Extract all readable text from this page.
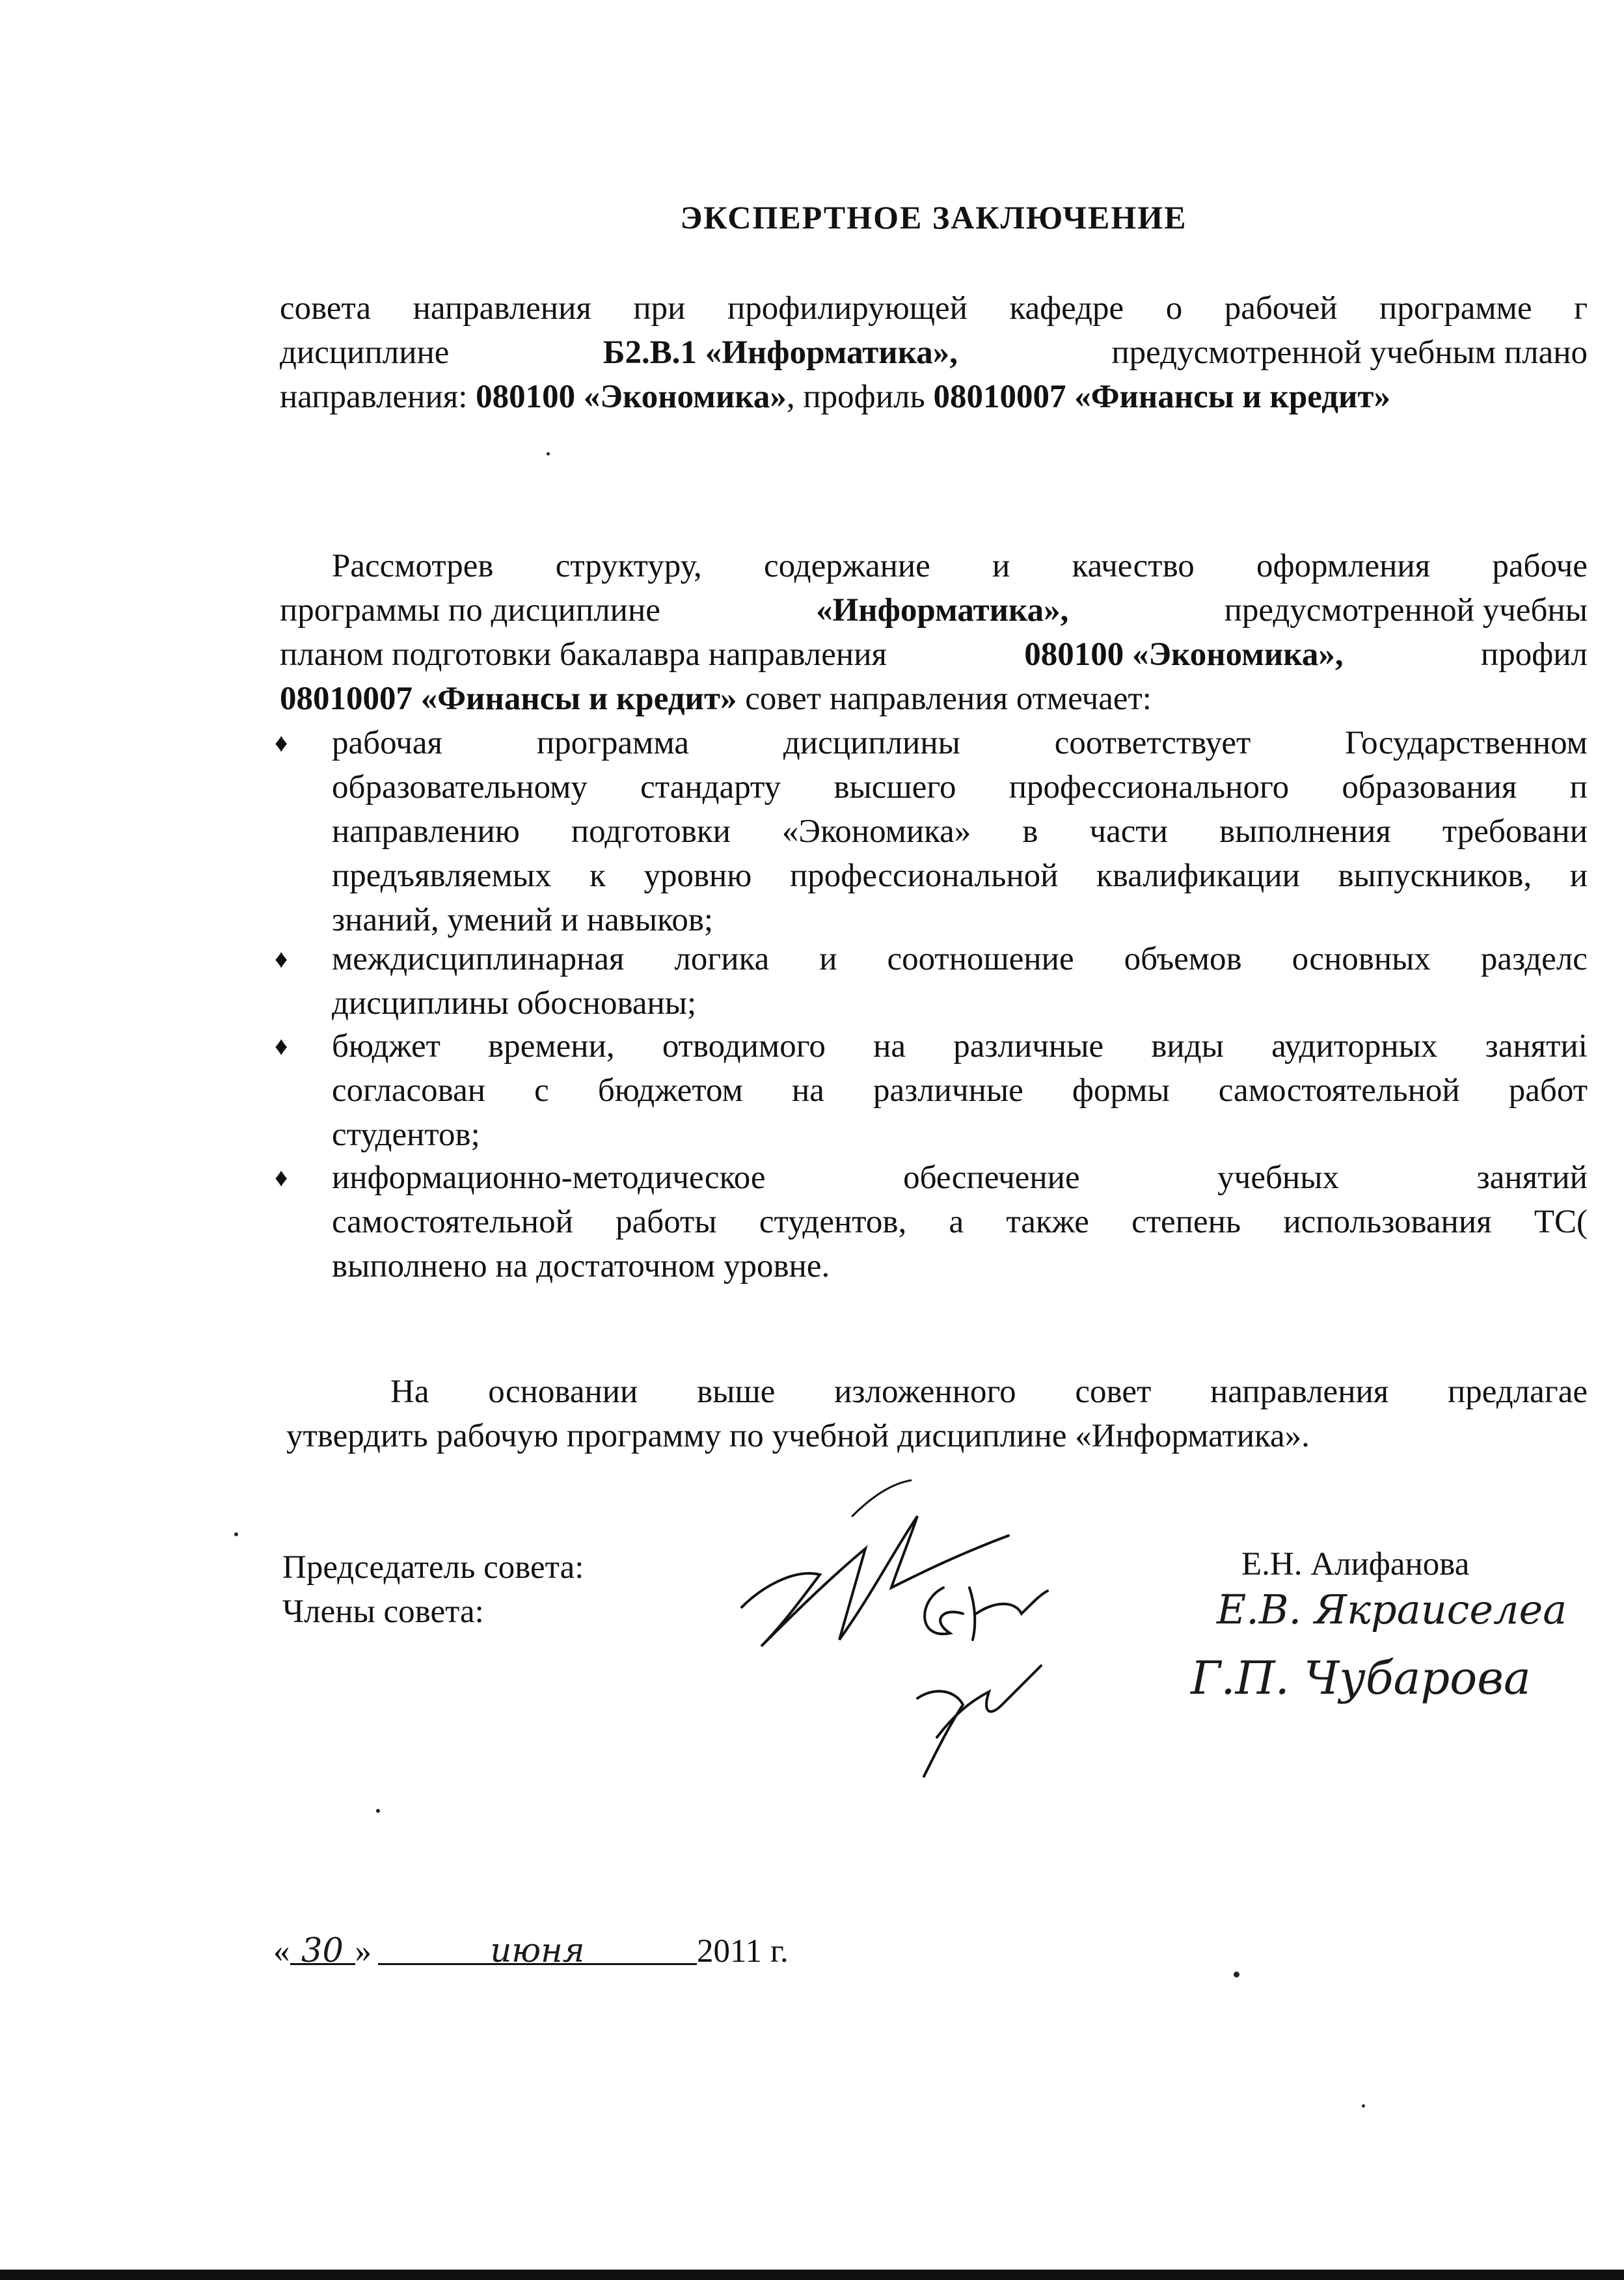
ЭКСПЕРТНОЕ ЗАКЛЮЧЕНИЕ
совета направления при профилирующей кафедре о рабочей программе г
дисциплине	Б2.В.1 «Информатика»,	предусмотренной учебным плано
направления: 080100 «Экономика», профиль 08010007 «Финансы и кредит»
Рассмотрев структуру, содержание и качество оформления рабоче
программы по дисциплине	«Информатика»,	предусмотренной учебны
планом подготовки бакалавра направления	080100 «Экономика»,	профил
08010007 «Финансы и кредит» совет направления отмечает:
♦ рабочая	программа	дисциплины	соответствует	Государственном
образовательному стандарту высшего профессионального образования п
направлению подготовки «Экономика» в части выполнения требовани
предъявляемых к уровню профессиональной квалификации выпускников, и
знаний, умений и навыков;
♦ междисциплинарная логика и соотношение объемов основных разделс
дисциплины обоснованы;
♦ бюджет времени, отводимого на различные виды аудиторных занятиі
согласован с бюджетом на различные формы самостоятельной работ
студентов;
♦ информационно-методическое	обеспечение	учебных	занятий
самостоятельной работы студентов, а также степень использования ТС(
выполнено на достаточном уровне.
На основании выше изложенного совет направления предлагае
утвердить рабочую программу по учебной дисциплине «Информатика».
Председатель совета:
Члены совета:
Е.Н. Алифанова
Е.В. Якраиселеа
Г.П. Чубарова
« 30 »	июня	2011 г.
